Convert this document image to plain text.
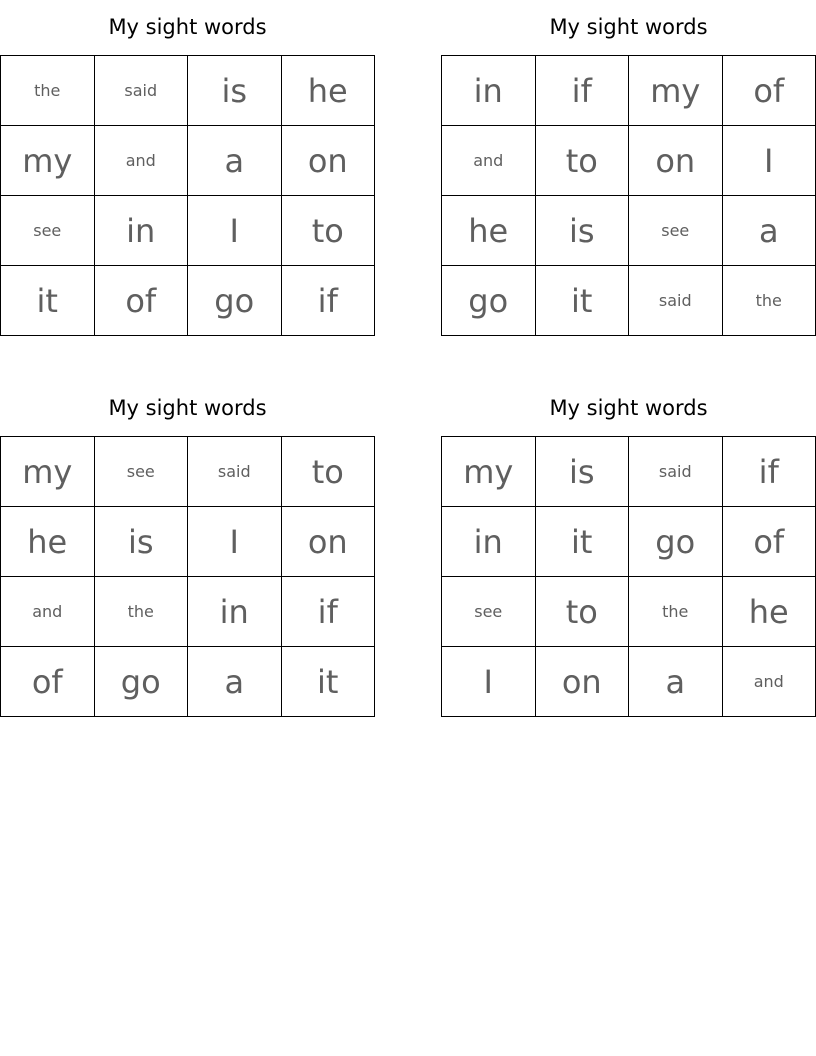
My sight words
the	said	is	he
my	and	a	on
see	in	I	to
it	of	go	if
My sight words
in	if	my	of
and	to	on	I
he	is	see	a
go	it	said	the
My sight words
my	see	said	to
he	is	I	on
and	the	in	if
of	go	a	it
My sight words
my	is	said	if
in	it	go	of
see	to	the	he
I	on	a	and
